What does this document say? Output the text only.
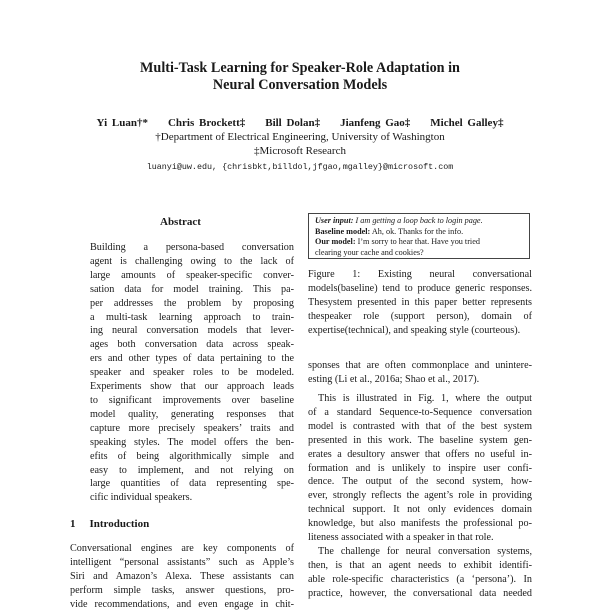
Multi-Task Learning for Speaker-Role Adaptation in
Neural Conversation Models
Yi Luan†* Chris Brockett‡ Bill Dolan‡ Jianfeng Gao‡ Michel Galley‡
†Department of Electrical Engineering, University of Washington
‡Microsoft Research
luanyi@uw.edu, {chrisbkt,billdol,jfgao,mgalley}@microsoft.com
Abstract
Building a persona-based conversation
agent is challenging owing to the lack of
large amounts of speaker-specific conver-
sation data for model training. This pa-
per addresses the problem by proposing
a multi-task learning approach to train-
ing neural conversation models that lever-
ages both conversation data across speak-
ers and other types of data pertaining to the
speaker and speaker roles to be modeled.
Experiments show that our approach leads
to significant improvements over baseline
model quality, generating responses that
capture more precisely speakers’ traits and
speaking styles. The model offers the ben-
efits of being algorithmically simple and
easy to implement, and not relying on
large quantities of data representing spe-
cific individual speakers.
1 Introduction
Conversational engines are key components of
intelligent “personal assistants” such as Apple’s
Siri and Amazon’s Alexa. These assistants can
perform simple tasks, answer questions, pro-
vide recommendations, and even engage in chit-
User input: I am getting a loop back to login page.
Baseline model: Ah, ok. Thanks for the info.
Our model: I’m sorry to hear that. Have you tried
clearing your cache and cookies?
Figure 1: Existing neural conversational models(baseline) tend to produce generic responses. Thesystem presented in this paper better represents thespeaker role (support person), domain of expertise(technical), and speaking style (courteous).
sponses that are often commonplace and unintere-
esting (Li et al., 2016a; Shao et al., 2017).
This is illustrated in Fig. 1, where the output
of a standard Sequence-to-Sequence conversation
model is contrasted with that of the best system
presented in this work. The baseline system gen-
erates a desultory answer that offers no useful in-
formation and is unlikely to inspire user confi-
dence. The output of the second system, how-
ever, strongly reflects the agent’s role in providing
technical support. It not only evidences domain
knowledge, but also manifests the professional po-
liteness associated with a speaker in that role.
The challenge for neural conversation systems,
then, is that an agent needs to exhibit identifi-
able role-specific characteristics (a ‘persona’). In
practice, however, the conversational data needed
